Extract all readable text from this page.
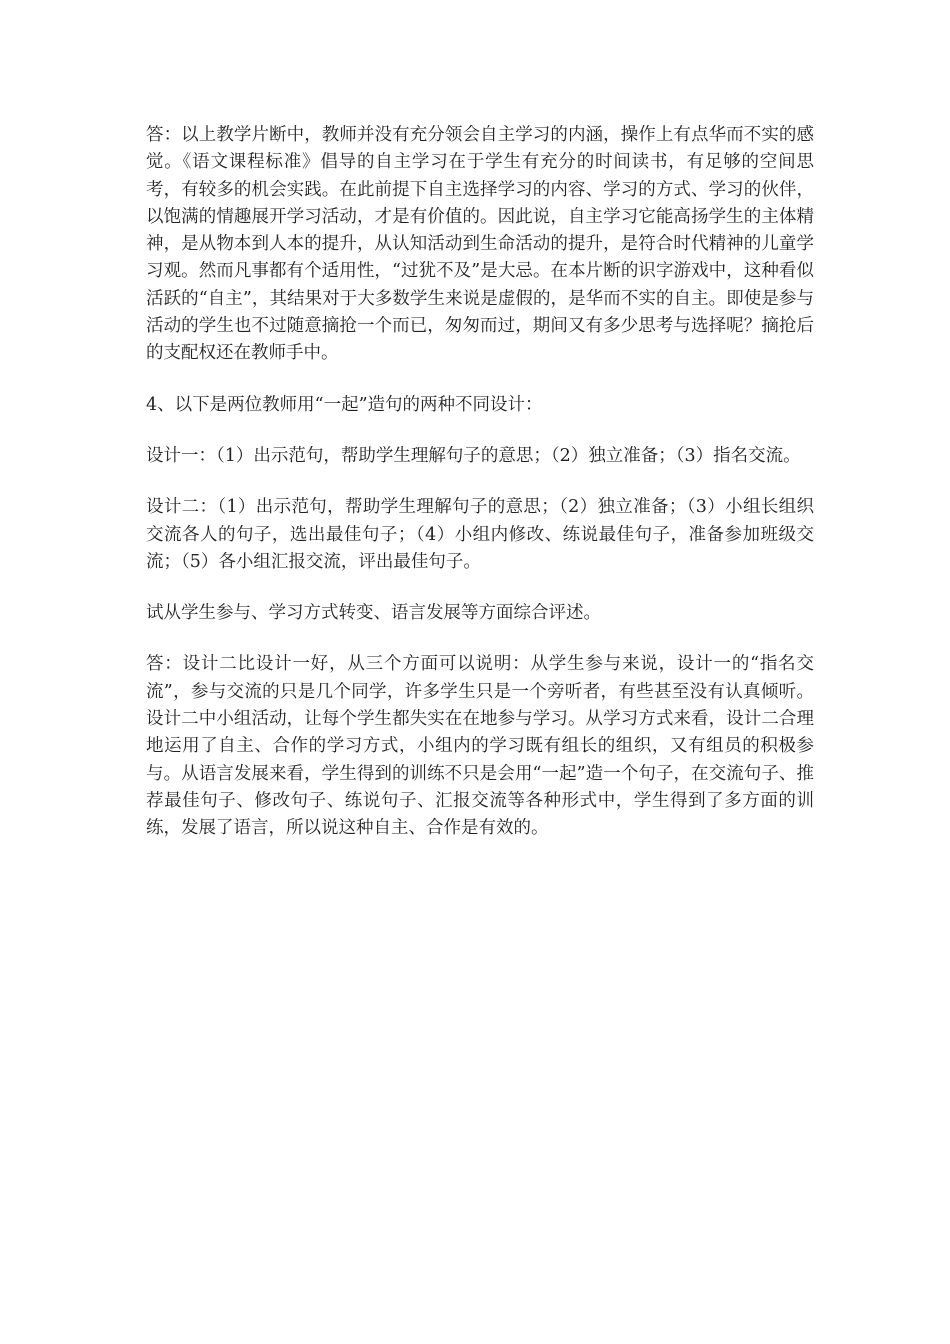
答：以上教学片断中，教师并没有充分领会自主学习的内涵，操作上有点华而不实的感觉。《语文课程标准》倡导的自主学习在于学生有充分的时间读书，有足够的空间思考，有较多的机会实践。在此前提下自主选择学习的内容、学习的方式、学习的伙伴，以饱满的情趣展开学习活动，才是有价值的。因此说，自主学习它能高扬学生的主体精神，是从物本到人本的提升，从认知活动到生命活动的提升，是符合时代精神的儿童学习观。然而凡事都有个适用性，“过犹不及”是大忌。在本片断的识字游戏中，这种看似活跃的“自主”，其结果对于大多数学生来说是虚假的，是华而不实的自主。即使是参与活动的学生也不过随意摘抢一个而已，匆匆而过，期间又有多少思考与选择呢？摘抢后的支配权还在教师手中。

4、以下是两位教师用“一起”造句的两种不同设计：

设计一：（1）出示范句，帮助学生理解句子的意思；（2）独立准备；（3）指名交流。

设计二：（1）出示范句，帮助学生理解句子的意思；（2）独立准备；（3）小组长组织交流各人的句子，选出最佳句子；（4）小组内修改、练说最佳句子，准备参加班级交流；（5）各小组汇报交流，评出最佳句子。

试从学生参与、学习方式转变、语言发展等方面综合评述。

答：设计二比设计一好，从三个方面可以说明：从学生参与来说，设计一的“指名交流”，参与交流的只是几个同学，许多学生只是一个旁听者，有些甚至没有认真倾听。设计二中小组活动，让每个学生都失实在在地参与学习。从学习方式来看，设计二合理地运用了自主、合作的学习方式，小组内的学习既有组长的组织，又有组员的积极参与。从语言发展来看，学生得到的训练不只是会用“一起”造一个句子，在交流句子、推荐最佳句子、修改句子、练说句子、汇报交流等各种形式中，学生得到了多方面的训练，发展了语言，所以说这种自主、合作是有效的。
